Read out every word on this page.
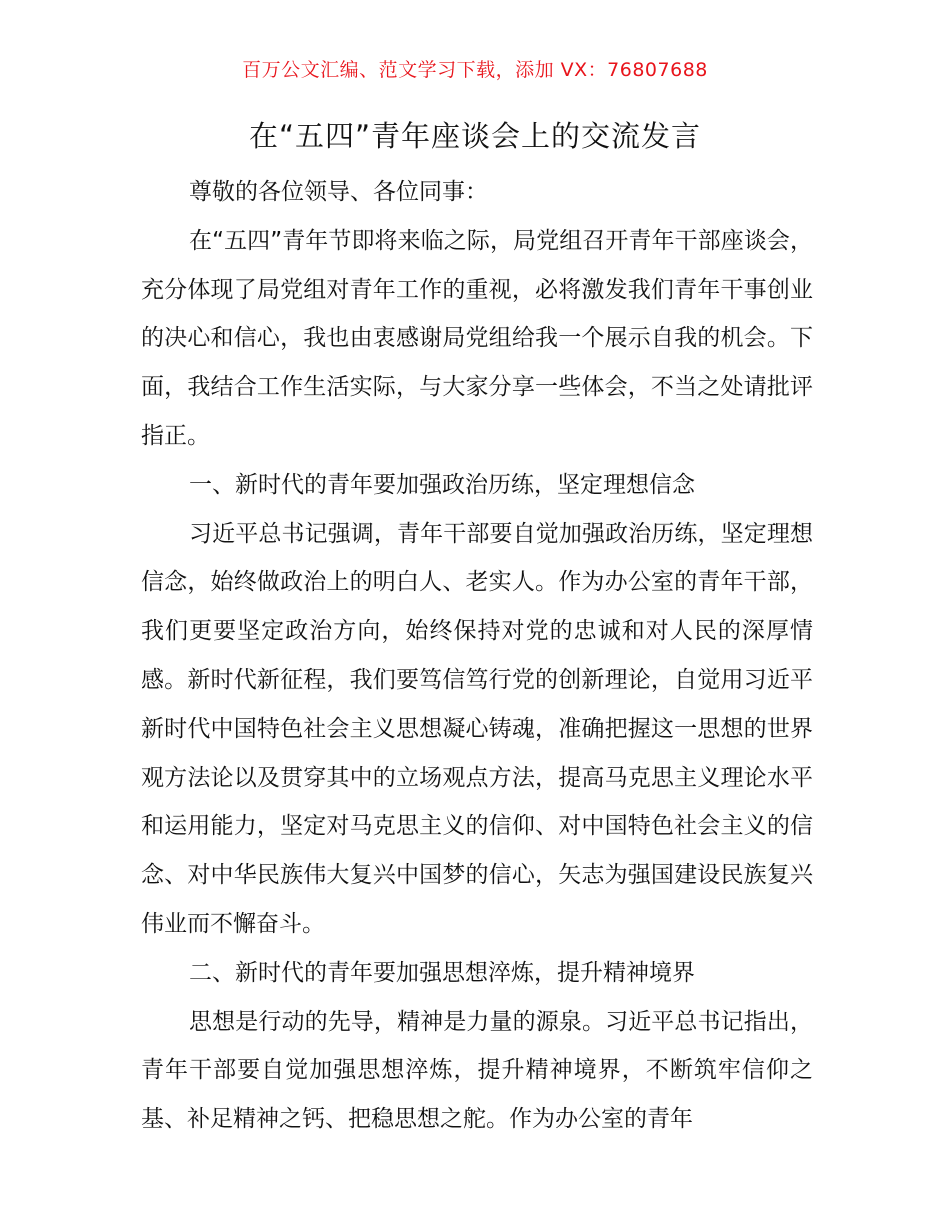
百万公文汇编、范文学习下载，添加 VX：76807688
在“五四”青年座谈会上的交流发言

尊敬的各位领导、各位同事：

在“五四”青年节即将来临之际，局党组召开青年干部座谈会，充分体现了局党组对青年工作的重视，必将激发我们青年干事创业的决心和信心，我也由衷感谢局党组给我一个展示自我的机会。下面，我结合工作生活实际，与大家分享一些体会，不当之处请批评指正。

一、新时代的青年要加强政治历练，坚定理想信念

习近平总书记强调，青年干部要自觉加强政治历练，坚定理想信念，始终做政治上的明白人、老实人。作为办公室的青年干部，我们更要坚定政治方向，始终保持对党的忠诚和对人民的深厚情感。新时代新征程，我们要笃信笃行党的创新理论，自觉用习近平新时代中国特色社会主义思想凝心铸魂，准确把握这一思想的世界观方法论以及贯穿其中的立场观点方法，提高马克思主义理论水平和运用能力，坚定对马克思主义的信仰、对中国特色社会主义的信念、对中华民族伟大复兴中国梦的信心，矢志为强国建设民族复兴伟业而不懈奋斗。

二、新时代的青年要加强思想淬炼，提升精神境界

思想是行动的先导，精神是力量的源泉。习近平总书记指出，青年干部要自觉加强思想淬炼，提升精神境界，不断筑牢信仰之基、补足精神之钙、把稳思想之舵。作为办公室的青年
